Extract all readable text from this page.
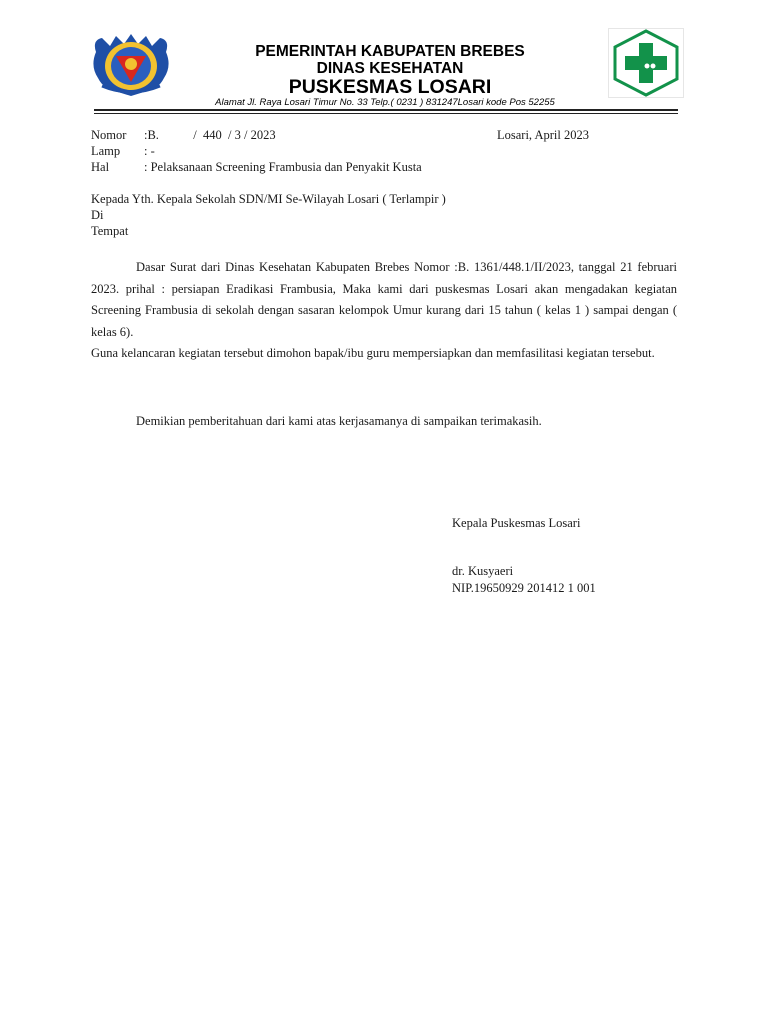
PEMERINTAH KABUPATEN BREBES
DINAS KESEHATAN
PUSKESMAS LOSARI
Alamat Jl. Raya Losari Timur No. 33 Telp.( 0231 ) 831247Losari kode Pos 52255
Nomor :B.           /  440  / 3 / 2023	Losari, April 2023
Lamp : -
Hal	: Pelaksanaan Screening Frambusia dan Penyakit Kusta
Kepada Yth. Kepala Sekolah SDN/MI Se-Wilayah Losari ( Terlampir )
Di
Tempat
Dasar Surat dari Dinas Kesehatan Kabupaten Brebes Nomor :B. 1361/448.1/II/2023, tanggal 21 februari 2023. prihal : persiapan Eradikasi Frambusia, Maka kami dari puskesmas Losari akan mengadakan kegiatan Screening Frambusia di sekolah dengan sasaran kelompok Umur kurang dari 15 tahun ( kelas 1 ) sampai dengan ( kelas 6).
Guna kelancaran kegiatan tersebut dimohon bapak/ibu guru mempersiapkan dan memfasilitasi kegiatan tersebut.
Demikian pemberitahuan dari kami atas kerjasamanya di sampaikan terimakasih.
Kepala Puskesmas Losari
dr. Kusyaeri
NIP.19650929 201412 1 001
